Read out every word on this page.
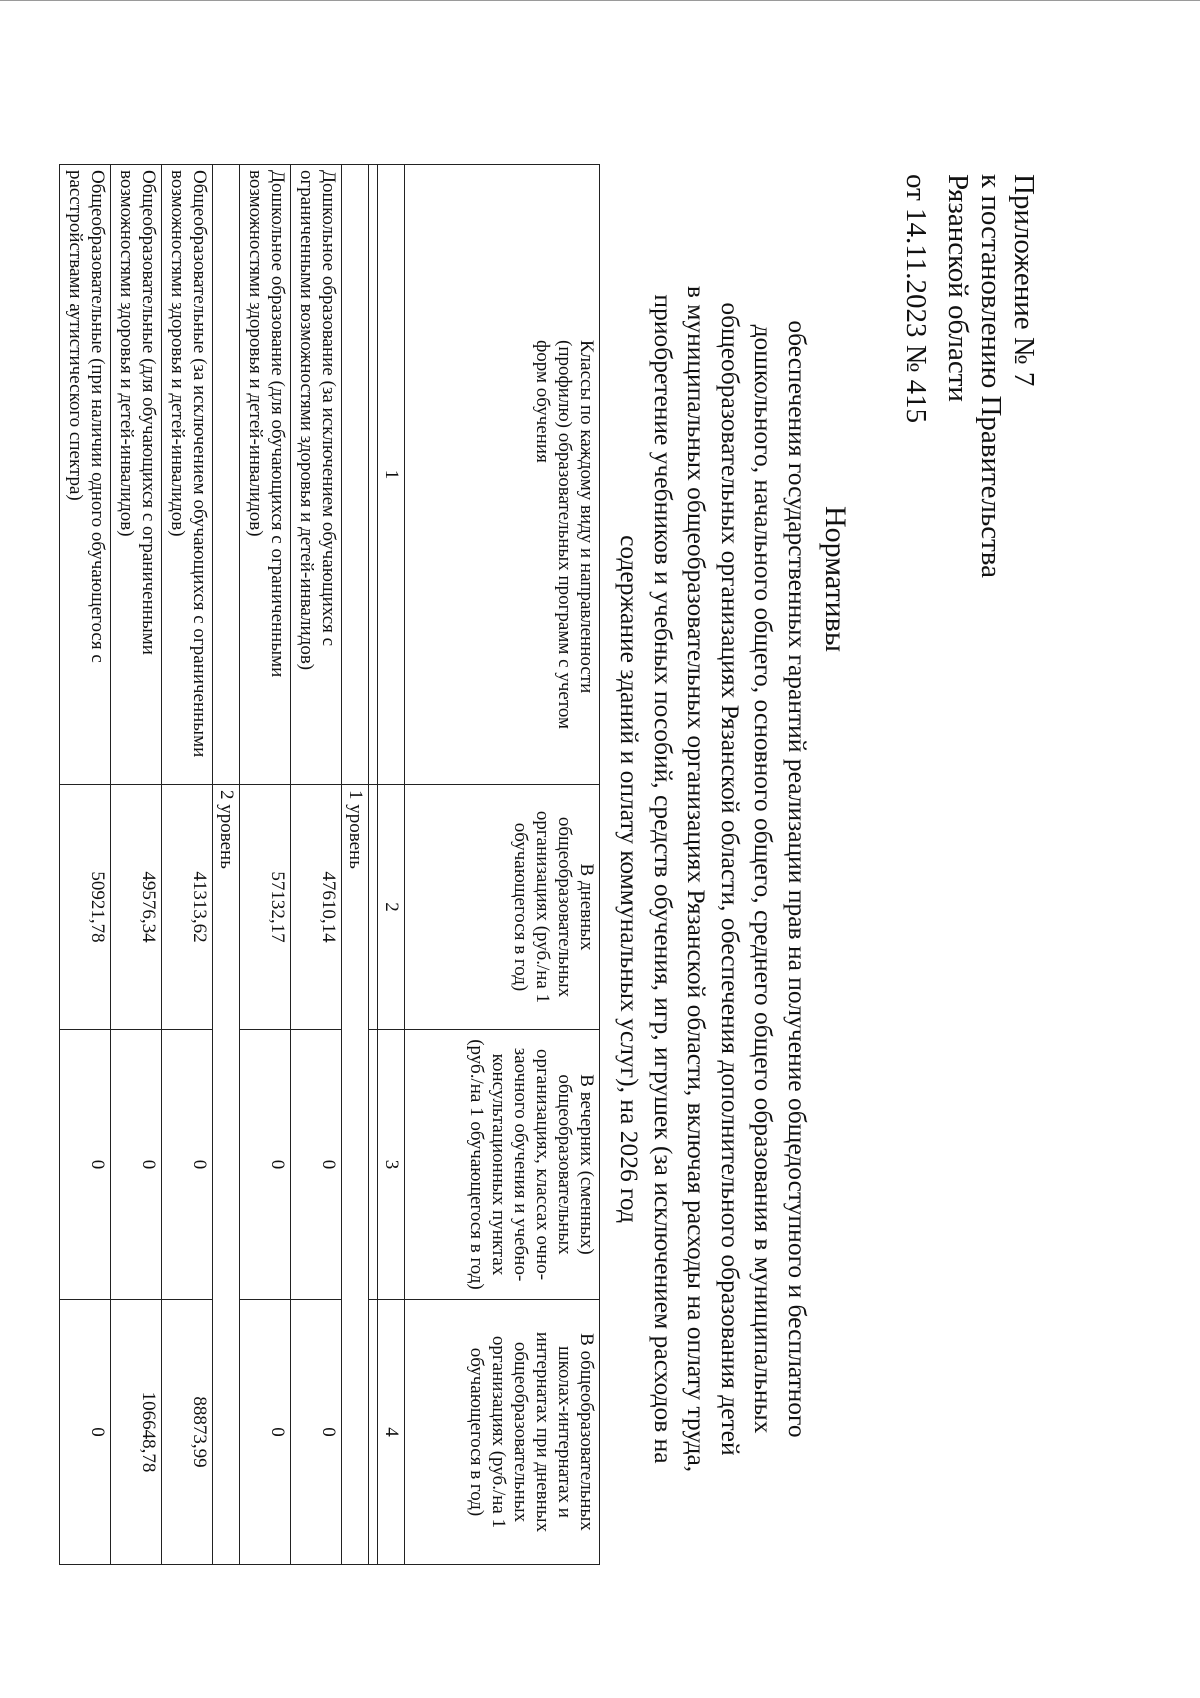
Приложение № 7
к постановлению Правительства
Рязанской области
от 14.11.2023 № 415
Нормативы
обеспечения государственных гарантий реализации прав на получение общедоступного и бесплатного
дошкольного, начального общего, основного общего, среднего общего образования в муниципальных
общеобразовательных организациях Рязанской области, обеспечения дополнительного образования детей
в муниципальных общеобразовательных организациях Рязанской области, включая расходы на оплату труда,
приобретение учебников и учебных пособий, средств обучения, игр, игрушек (за исключением расходов на
содержание зданий и оплату коммунальных услуг), на 2026 год
Классы по каждому виду и направленности (профилю) образовательных программ с учетом форм обучения	В дневных общеобразовательных организациях (руб./на 1 обучающегося в год)	В вечерних (сменных) общеобразовательных организациях, классах очно-заочного обучения и учебно-консультационных пунктах (руб./на 1 обучающегося в год)	В общеобразовательных школах-интернатах и интернатах при дневных общеобразовательных организациях (руб./на 1 обучающегося в год)
1	2	3	4

	1 уровень		
Дошкольное образование (за исключением обучающихся с ограниченными возможностями здоровья и детей-инвалидов)	47610,14	0	0
Дошкольное образование (для обучающихся с ограниченными возможностями здоровья и детей-инвалидов)	57132,17	0	0
	2 уровень		
Общеобразовательные (за исключением обучающихся с ограниченными возможностями здоровья и детей-инвалидов)	41313,62	0	88873,99
Общеобразовательные (для обучающихся с ограниченными возможностями здоровья и детей-инвалидов)	49576,34	0	106648,78
Общеобразовательные (при наличии одного обучающегося с расстройствами аутистического спектра)	50921,78	0	0
